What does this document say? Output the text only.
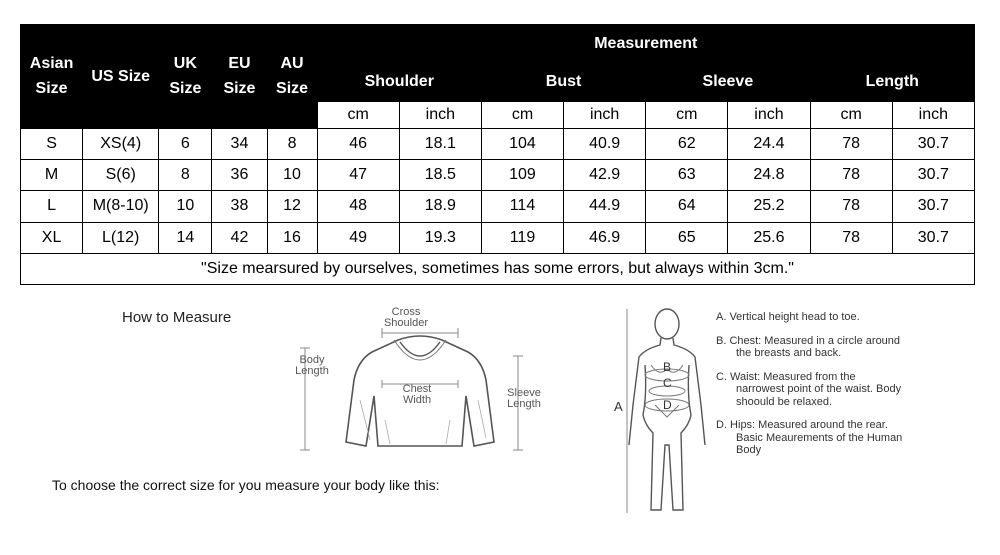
Asian Size	US Size	UK Size	EU Size	AU Size	Measurement							
					Shoulder		Bust		Sleeve		Length	
					cm	inch	cm	inch	cm	inch	cm	inch
S	XS(4)	6	34	8	46	18.1	104	40.9	62	24.4	78	30.7
M	S(6)	8	36	10	47	18.5	109	42.9	63	24.8	78	30.7
L	M(8-10)	10	38	12	48	18.9	114	44.9	64	25.2	78	30.7
XL	L(12)	14	42	16	49	19.3	119	46.9	65	25.6	78	30.7
"Size mearsured by ourselves, sometimes has some errors, but always within 3cm."												
How to Measure	Cross Shoulder
Body Length
Chest Width
Sleeve Length
To choose the correct size for you measure your body like this:
A
B
C
D
A. Vertical height head to toe.
B. Chest: Measured in a circle around the breasts and back.
C. Waist: Measured from the narrowest point of the waist. Body shoould be relaxed.
D. Hips: Measured around the rear. Basic Meaurements of the Human Body
